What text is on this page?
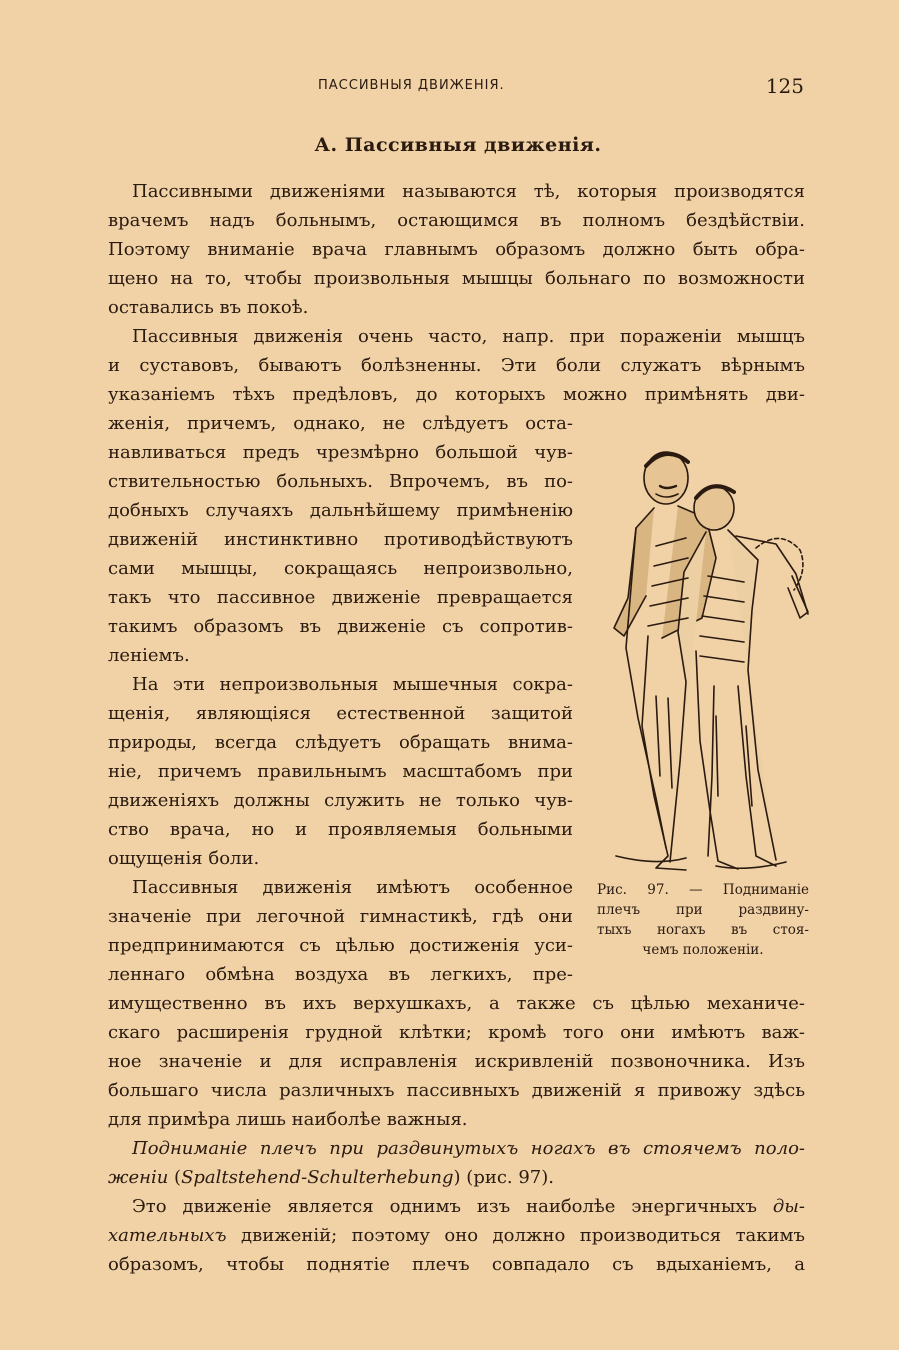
ПАССИВНЫЯ ДВИЖЕНІЯ.	125
А. Пассивныя движенія.
Пассивными движеніями называются тѣ, которыя производятся
врачемъ надъ больнымъ, остающимся въ полномъ бездѣйствіи.
Поэтому вниманіе врача главнымъ образомъ должно быть обра-
щено на то, чтобы произвольныя мышцы больнаго по возможности
оставались въ покоѣ.
Пассивныя движенія очень часто, напр. при пораженіи мышцъ
и суставовъ, бываютъ болѣзненны. Эти боли служатъ вѣрнымъ
указаніемъ тѣхъ предѣловъ, до которыхъ можно примѣнять дви-
женія, причемъ, однако, не слѣдуетъ оста-
навливаться предъ чрезмѣрно большой чув-
ствительностью больныхъ. Впрочемъ, въ по-
добныхъ случаяхъ дальнѣйшему примѣненію
движеній инстинктивно противодѣйствуютъ
сами мышцы, сокращаясь непроизвольно,
такъ что пассивное движеніе превращается
такимъ образомъ въ движеніе съ сопротив-
леніемъ.
На эти непроизвольныя мышечныя сокра-
щенія, являющіяся естественной защитой
природы, всегда слѣдуетъ обращать внима-
ніе, причемъ правильнымъ масштабомъ при
движеніяхъ должны служить не только чув-
ство врача, но и проявляемыя больными
ощущенія боли.
Пассивныя движенія имѣютъ особенное
значеніе при легочной гимнастикѣ, гдѣ они
предпринимаются съ цѣлью достиженія уси-
леннаго обмѣна воздуха въ легкихъ, пре-
имущественно въ ихъ верхушкахъ, а также съ цѣлью механиче-
скаго расширенія грудной клѣтки; кромѣ того они имѣютъ важ-
ное значеніе и для исправленія искривленій позвоночника. Изъ
большаго числа различныхъ пассивныхъ движеній я привожу здѣсь
для примѣра лишь наиболѣе важныя.
Подниманіе плечъ при раздвинутыхъ ногахъ въ стоячемъ поло-
женіи (Spaltstehend-Schulterhebung) (рис. 97).
Это движеніе является однимъ изъ наиболѣе энергичныхъ ды-
хательныхъ движеній; поэтому оно должно производиться такимъ
образомъ, чтобы поднятіе плечъ совпадало съ вдыханіемъ, а
Рис. 97. — Подниманіе
плечъ при раздвину-
тыхъ ногахъ въ стоя-
чемъ положеніи.
